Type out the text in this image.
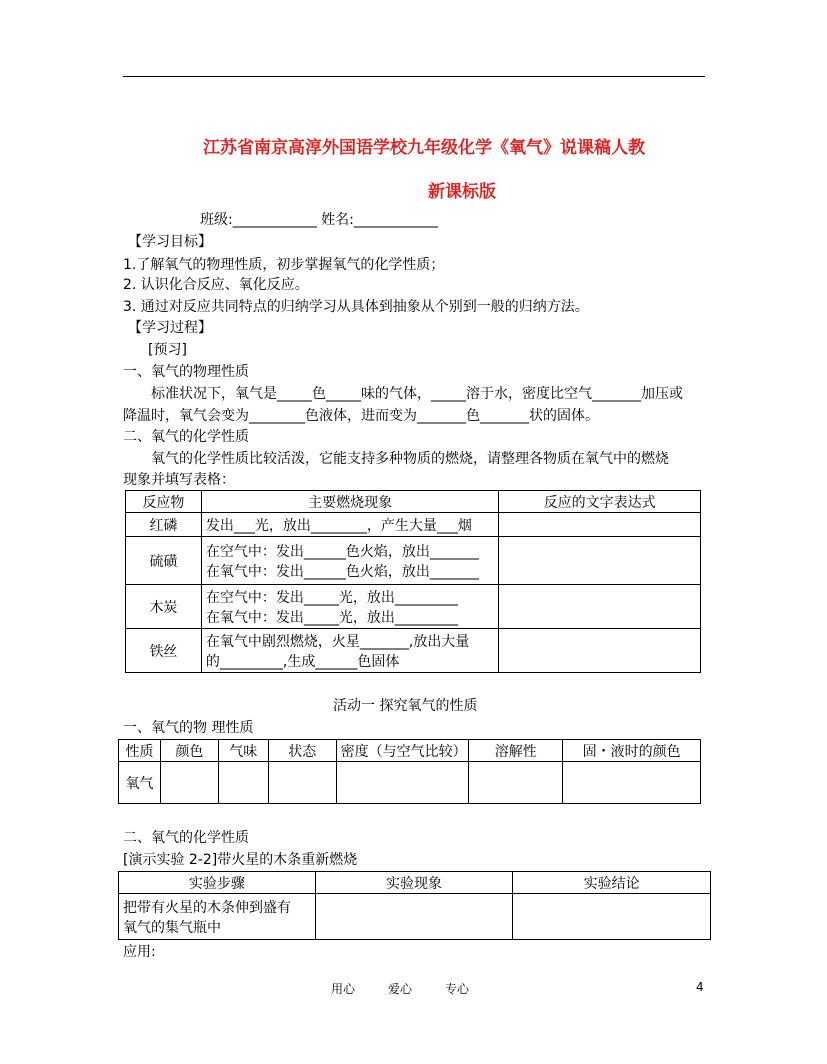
江苏省南京高淳外国语学校九年级化学《氧气》说课稿人教
新课标版
班级:____________ 姓名:____________
【学习目标】
1.了解氧气的物理性质，初步掌握氧气的化学性质；
2. 认识化合反应、氧化反应。
3. 通过对反应共同特点的归纳学习从具体到抽象从个别到一般的归纳方法。
【学习过程】
[预习]
一、氧气的物理性质
标准状况下，氧气是_____色_____味的气体，_____溶于水，密度比空气_______加压或
降温时，氧气会变为________色液体，进而变为_______色_______状的固体。
二、氧气的化学性质
氧气的化学性质比较活泼，它能支持多种物质的燃烧，请整理各物质在氧气中的燃烧
现象并填写表格：
反应物	主要燃烧现象	反应的文字表达式
红磷	发出___光，放出________，产生大量___烟	
硫磺	在空气中：发出______色火焰，放出_______
在氧气中：发出______色火焰，放出_______	

木炭	在空气中：发出_____光，放出_________
在氧气中：发出_____光，放出_________	

铁丝	在氧气中剧烈燃烧，火星_______,放出大量
的_________,生成______色固体	

活动一 探究氧气的性质
一、氧气的物 理性质
性质	颜色	气味	状态	密度（与空气比较）	溶解性	固・液时的颜色
氧气						
二、氧气的化学性质
[演示实验 2-2]带火星的木条重新燃烧
实验步骤	实验现象	实验结论

把带有火星的木条伸到盛有
氧气的集气瓶中		

应用:
用心	爱心	专心	4
